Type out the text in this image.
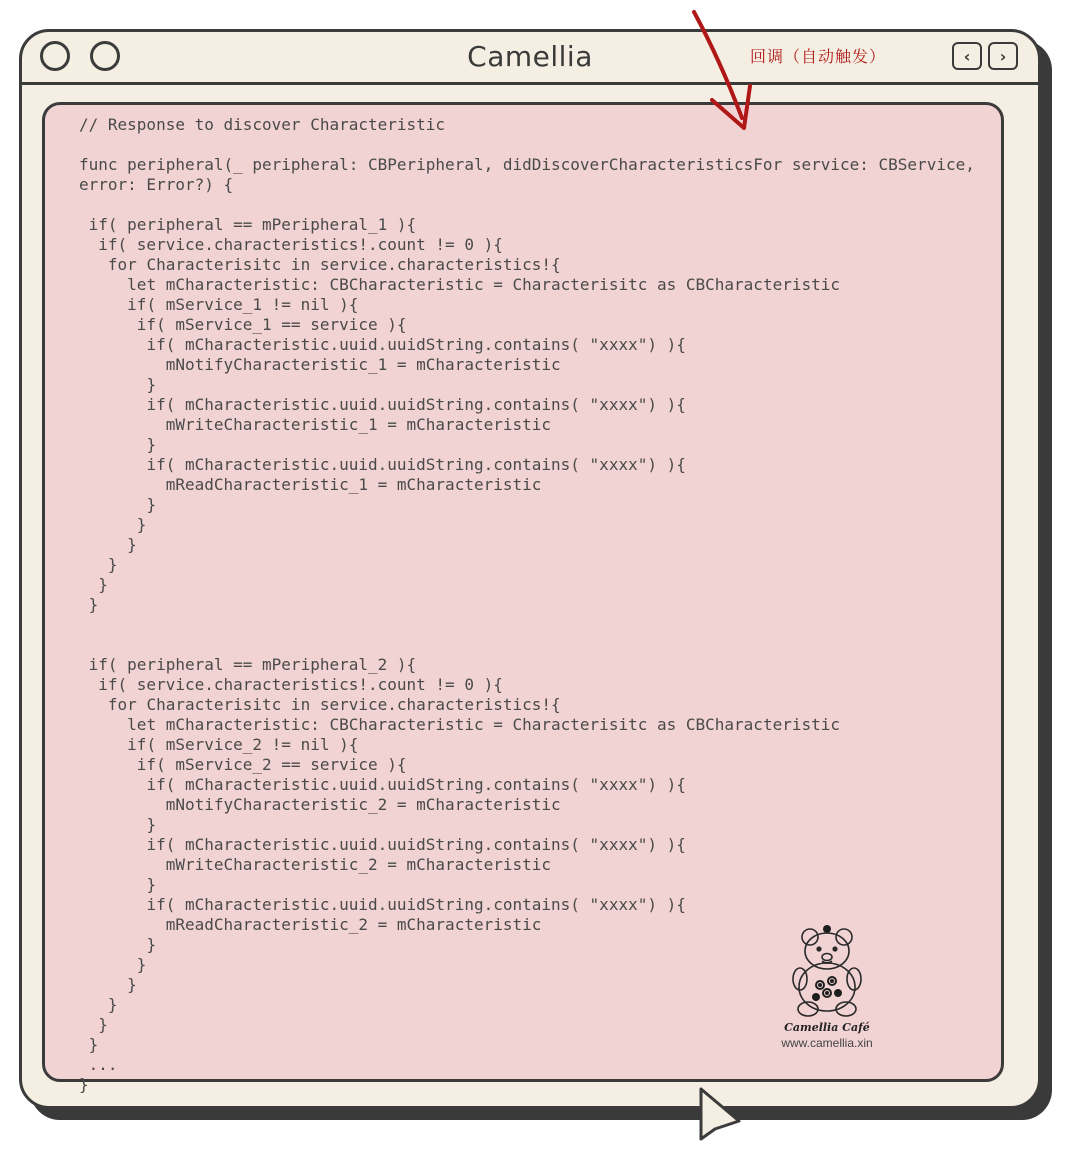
Camellia	回调（自动触发）	‹ ›
// Response to discover Characteristic

func peripheral(_ peripheral: CBPeripheral, didDiscoverCharacteristicsFor service: CBService, error: Error?) {

if( peripheral == mPeripheral_1 ){
if( service.characteristics!.count != 0 ){
for Characterisitc in service.characteristics!{
let mCharacteristic: CBCharacteristic = Characterisitc as CBCharacteristic
if( mService_1 != nil ){
if( mService_1 == service ){
if( mCharacteristic.uuid.uuidString.contains( "xxxx") ){
mNotifyCharacteristic_1 = mCharacteristic
}
if( mCharacteristic.uuid.uuidString.contains( "xxxx") ){
mWriteCharacteristic_1 = mCharacteristic
}
if( mCharacteristic.uuid.uuidString.contains( "xxxx") ){
mReadCharacteristic_1 = mCharacteristic
}
}
}
}
}
}

if( peripheral == mPeripheral_2 ){
if( service.characteristics!.count != 0 ){
for Characterisitc in service.characteristics!{
let mCharacteristic: CBCharacteristic = Characterisitc as CBCharacteristic
if( mService_2 != nil ){
if( mService_2 == service ){
if( mCharacteristic.uuid.uuidString.contains( "xxxx") ){
mNotifyCharacteristic_2 = mCharacteristic
}
if( mCharacteristic.uuid.uuidString.contains( "xxxx") ){
mWriteCharacteristic_2 = mCharacteristic
}
if( mCharacteristic.uuid.uuidString.contains( "xxxx") ){
mReadCharacteristic_2 = mCharacteristic
}
}
}
}
}
}
...
}
Camellia Café
www.camellia.xin
